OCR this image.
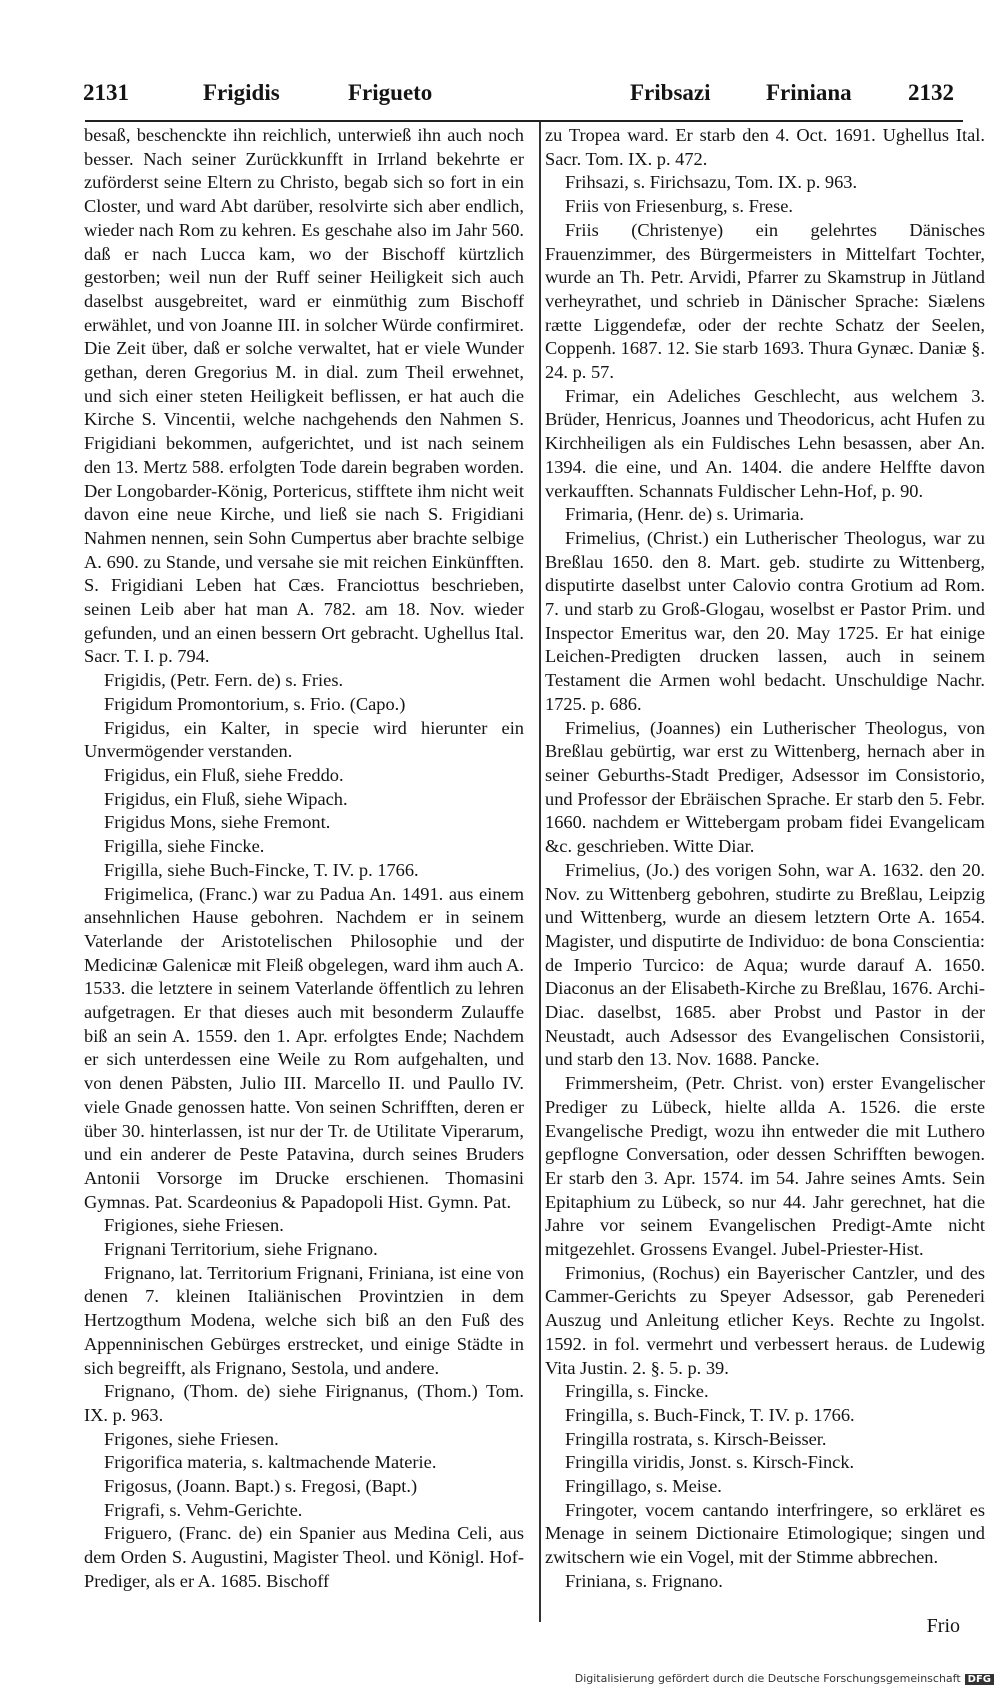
2131	Frigidis	Frigueto	Fribsazi Friniana 2132

besaß, beschenckte ihn reichlich, unterwieß ihn auch noch besser. Nach seiner Zurückkunfft in Irrland bekehrte er zuförderst seine Eltern zu Christo, begab sich so fort in ein Closter, und ward Abt darüber, resolvirte sich aber endlich, wieder nach Rom zu kehren. Es geschahe also im Jahr 560. daß er nach Lucca kam, wo der Bischoff kürtzlich gestorben; weil nun der Ruff seiner Heiligkeit sich auch daselbst ausgebreitet, ward er einmüthig zum Bischoff erwählet, und von Joanne III. in solcher Würde confirmiret. Die Zeit über, daß er solche verwaltet, hat er viele Wunder gethan, deren Gregorius M. in dial. zum Theil erwehnet, und sich einer steten Heiligkeit beflissen, er hat auch die Kirche S. Vincentii, welche nachgehends den Nahmen S. Frigidiani bekommen, aufgerichtet, und ist nach seinem den 13. Mertz 588. erfolgten Tode darein begraben worden. Der Longobarder-König, Portericus, stifftete ihm nicht weit davon eine neue Kirche, und ließ sie nach S. Frigidiani Nahmen nennen, sein Sohn Cumpertus aber brachte selbige A. 690. zu Stande, und versahe sie mit reichen Einkünfften. S. Frigidiani Leben hat Cæs. Franciottus beschrieben, seinen Leib aber hat man A. 782. am 18. Nov. wieder gefunden, und an einen bessern Ort gebracht. Ughellus Ital. Sacr. T. I. p. 794.

Frigidis, (Petr. Fern. de) s. Fries.

Frigidum Promontorium, s. Frio. (Capo.)

Frigidus, ein Kalter, in specie wird hierunter ein Unvermögender verstanden.

Frigidus, ein Fluß, siehe Freddo.

Frigidus, ein Fluß, siehe Wipach.

Frigidus Mons, siehe Fremont.

Frigilla, siehe Fincke.

Frigilla, siehe Buch-Fincke, T. IV. p. 1766.

Frigimelica, (Franc.) war zu Padua An. 1491. aus einem ansehnlichen Hause gebohren. Nachdem er in seinem Vaterlande der Aristotelischen Philosophie und der Medicinæ Galenicæ mit Fleiß obgelegen, ward ihm auch A. 1533. die letztere in seinem Vaterlande öffentlich zu lehren aufgetragen. Er that dieses auch mit besonderm Zulauffe biß an sein A. 1559. den 1. Apr. erfolgtes Ende; Nachdem er sich unterdessen eine Weile zu Rom aufgehalten, und von denen Päbsten, Julio III. Marcello II. und Paullo IV. viele Gnade genossen hatte. Von seinen Schrifften, deren er über 30. hinterlassen, ist nur der Tr. de Utilitate Viperarum, und ein anderer de Peste Patavina, durch seines Bruders Antonii Vorsorge im Drucke erschienen. Thomasini Gymnas. Pat. Scardeonius & Papadopoli Hist. Gymn. Pat.

Frigiones, siehe Friesen.

Frignani Territorium, siehe Frignano.

Frignano, lat. Territorium Frignani, Friniana, ist eine von denen 7. kleinen Italiänischen Provintzien in dem Hertzogthum Modena, welche sich biß an den Fuß des Appenninischen Gebürges erstrecket, und einige Städte in sich begreifft, als Frignano, Sestola, und andere.

Frignano, (Thom. de) siehe Firignanus, (Thom.) Tom. IX. p. 963.

Frigones, siehe Friesen.

Frigorifica materia, s. kaltmachende Materie.

Frigosus, (Joann. Bapt.) s. Fregosi, (Bapt.)

Frigrafi, s. Vehm-Gerichte.

Friguero, (Franc. de) ein Spanier aus Medina Celi, aus dem Orden S. Augustini, Magister Theol. und Königl. Hof-Prediger, als er A. 1685. Bischoff

zu Tropea ward. Er starb den 4. Oct. 1691. Ughellus Ital. Sacr. Tom. IX. p. 472.

Frihsazi, s. Firichsazu, Tom. IX. p. 963.

Friis von Friesenburg, s. Frese.

Friis (Christenye) ein gelehrtes Dänisches Frauenzimmer, des Bürgermeisters in Mittelfart Tochter, wurde an Th. Petr. Arvidi, Pfarrer zu Skamstrup in Jütland verheyrathet, und schrieb in Dänischer Sprache: Siælens rætte Liggendefæ, oder der rechte Schatz der Seelen, Coppenh. 1687. 12. Sie starb 1693. Thura Gynæc. Daniæ §. 24. p. 57.

Frimar, ein Adeliches Geschlecht, aus welchem 3. Brüder, Henricus, Joannes und Theodoricus, acht Hufen zu Kirchheiligen als ein Fuldisches Lehn besassen, aber An. 1394. die eine, und An. 1404. die andere Helffte davon verkaufften. Schannats Fuldischer Lehn-Hof, p. 90.

Frimaria, (Henr. de) s. Urimaria.

Frimelius, (Christ.) ein Lutherischer Theologus, war zu Breßlau 1650. den 8. Mart. geb. studirte zu Wittenberg, disputirte daselbst unter Calovio contra Grotium ad Rom. 7. und starb zu Groß-Glogau, woselbst er Pastor Prim. und Inspector Emeritus war, den 20. May 1725. Er hat einige Leichen-Predigten drucken lassen, auch in seinem Testament die Armen wohl bedacht. Unschuldige Nachr. 1725. p. 686.

Frimelius, (Joannes) ein Lutherischer Theologus, von Breßlau gebürtig, war erst zu Wittenberg, hernach aber in seiner Geburths-Stadt Prediger, Adsessor im Consistorio, und Professor der Ebräischen Sprache. Er starb den 5. Febr. 1660. nachdem er Wittebergam probam fidei Evangelicam &c. geschrieben. Witte Diar.

Frimelius, (Jo.) des vorigen Sohn, war A. 1632. den 20. Nov. zu Wittenberg gebohren, studirte zu Breßlau, Leipzig und Wittenberg, wurde an diesem letztern Orte A. 1654. Magister, und disputirte de Individuo: de bona Conscientia: de Imperio Turcico: de Aqua; wurde darauf A. 1650. Diaconus an der Elisabeth-Kirche zu Breßlau, 1676. Archi-Diac. daselbst, 1685. aber Probst und Pastor in der Neustadt, auch Adsessor des Evangelischen Consistorii, und starb den 13. Nov. 1688. Pancke.

Frimmersheim, (Petr. Christ. von) erster Evangelischer Prediger zu Lübeck, hielte allda A. 1526. die erste Evangelische Predigt, wozu ihn entweder die mit Luthero gepflogne Conversation, oder dessen Schrifften bewogen. Er starb den 3. Apr. 1574. im 54. Jahre seines Amts. Sein Epitaphium zu Lübeck, so nur 44. Jahr gerechnet, hat die Jahre vor seinem Evangelischen Predigt-Amte nicht mitgezehlet. Grossens Evangel. Jubel-Priester-Hist.

Frimonius, (Rochus) ein Bayerischer Cantzler, und des Cammer-Gerichts zu Speyer Adsessor, gab Perenederi Auszug und Anleitung etlicher Keys. Rechte zu Ingolst. 1592. in fol. vermehrt und verbessert heraus. de Ludewig Vita Justin. 2. §. 5. p. 39.

Fringilla, s. Fincke.

Fringilla, s. Buch-Finck, T. IV. p. 1766.

Fringilla rostrata, s. Kirsch-Beisser.

Fringilla viridis, Jonst. s. Kirsch-Finck.

Fringillago, s. Meise.

Fringoter, vocem cantando interfringere, so erkläret es Menage in seinem Dictionaire Etimologique; singen und zwitschern wie ein Vogel, mit der Stimme abbrechen.

Friniana, s. Frignano.

Frio
Digitalisierung gefördert durch die Deutsche Forschungsgemeinschaft DFG
